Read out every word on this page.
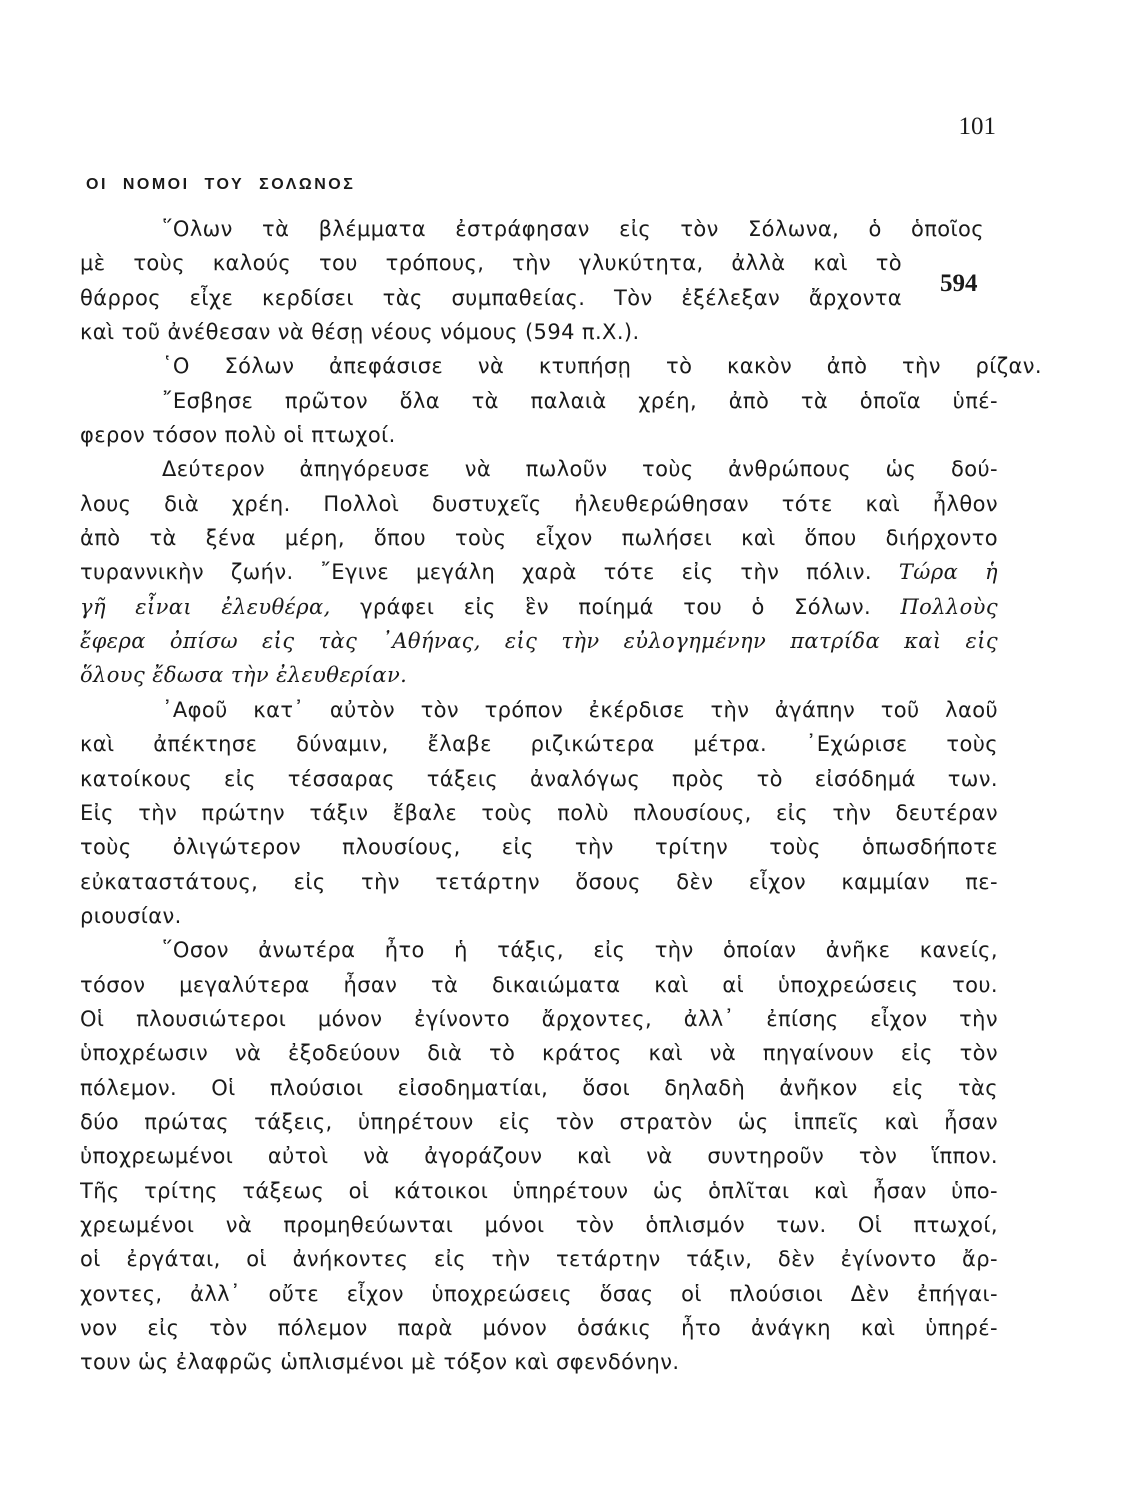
101
ΟΙ ΝΟΜΟΙ ΤΟΥ ΣΟΛΩΝΟΣ
594
῞Ολων τὰ βλέμματα ἐστράφησαν εἰς τὸν Σόλωνα, ὁ ὁποῖος
μὲ τοὺς καλούς του τρόπους, τὴν γλυκύτητα, ἀλλὰ καὶ τὸ
θάρρος εἶχε κερδίσει τὰς συμπαθείας. Τὸν ἐξέλεξαν ἄρχοντα
καὶ τοῦ ἀνέθεσαν νὰ θέσῃ νέους νόμους (594 π.Χ.).
῾Ο Σόλων ἀπεφάσισε νὰ κτυπήσῃ τὸ κακὸν ἀπὸ τὴν ρίζαν.
῎Εσβησε πρῶτον ὅλα τὰ παλαιὰ χρέη, ἀπὸ τὰ ὁποῖα ὑπέ-
φερον τόσον πολὺ οἱ πτωχοί.
Δεύτερον ἀπηγόρευσε νὰ πωλοῦν τοὺς ἀνθρώπους ὡς δού-
λους διὰ χρέη. Πολλοὶ δυστυχεῖς ἠλευθερώθησαν τότε καὶ ἦλθον
ἀπὸ τὰ ξένα μέρη, ὅπου τοὺς εἶχον πωλήσει καὶ ὅπου διήρχοντο
τυραννικὴν ζωήν. ῎Εγινε μεγάλη χαρὰ τότε εἰς τὴν πόλιν. Τώρα ἡ
γῆ εἶναι ἐλευθέρα, γράφει εἰς ἓν ποίημά του ὁ Σόλων. Πολλοὺς
ἔφερα ὀπίσω εἰς τὰς ᾿Αθήνας, εἰς τὴν εὐλογημένην πατρίδα καὶ εἰς
ὅλους ἔδωσα τὴν ἐλευθερίαν.
᾿Αφοῦ κατ᾿ αὐτὸν τὸν τρόπον ἐκέρδισε τὴν ἀγάπην τοῦ λαοῦ
καὶ ἀπέκτησε δύναμιν, ἔλαβε ριζικώτερα μέτρα. ᾿Εχώρισε τοὺς
κατοίκους εἰς τέσσαρας τάξεις ἀναλόγως πρὸς τὸ εἰσόδημά των.
Εἰς τὴν πρώτην τάξιν ἔβαλε τοὺς πολὺ πλουσίους, εἰς τὴν δευτέραν
τοὺς ὀλιγώτερον πλουσίους, εἰς τὴν τρίτην τοὺς ὁπωσδήποτε
εὐκαταστάτους, εἰς τὴν τετάρτην ὅσους δὲν εἶχον καμμίαν πε-
ριουσίαν.
῞Οσον ἀνωτέρα ἦτο ἡ τάξις, εἰς τὴν ὁποίαν ἀνῆκε κανείς,
τόσον μεγαλύτερα ἦσαν τὰ δικαιώματα καὶ αἱ ὑποχρεώσεις του.
Οἱ πλουσιώτεροι μόνον ἐγίνοντο ἄρχοντες, ἀλλ᾿ ἐπίσης εἶχον τὴν
ὑποχρέωσιν νὰ ἐξοδεύουν διὰ τὸ κράτος καὶ νὰ πηγαίνουν εἰς τὸν
πόλεμον. Οἱ πλούσιοι εἰσοδηματίαι, ὅσοι δηλαδὴ ἀνῆκον εἰς τὰς
δύο πρώτας τάξεις, ὑπηρέτουν εἰς τὸν στρατὸν ὡς ἱππεῖς καὶ ἦσαν
ὑποχρεωμένοι αὐτοὶ νὰ ἀγοράζουν καὶ νὰ συντηροῦν τὸν ἵππον.
Τῆς τρίτης τάξεως οἱ κάτοικοι ὑπηρέτουν ὡς ὁπλῖται καὶ ἦσαν ὑπο-
χρεωμένοι νὰ προμηθεύωνται μόνοι τὸν ὁπλισμόν των. Οἱ πτωχοί,
οἱ ἐργάται, οἱ ἀνήκοντες εἰς τὴν τετάρτην τάξιν, δὲν ἐγίνοντο ἄρ-
χοντες, ἀλλ᾿ οὔτε εἶχον ὑποχρεώσεις ὅσας οἱ πλούσιοι Δὲν ἐπήγαι-
νον εἰς τὸν πόλεμον παρὰ μόνον ὁσάκις ἦτο ἀνάγκη καὶ ὑπηρέ-
τουν ὡς ἐλαφρῶς ὡπλισμένοι μὲ τόξον καὶ σφενδόνην.
